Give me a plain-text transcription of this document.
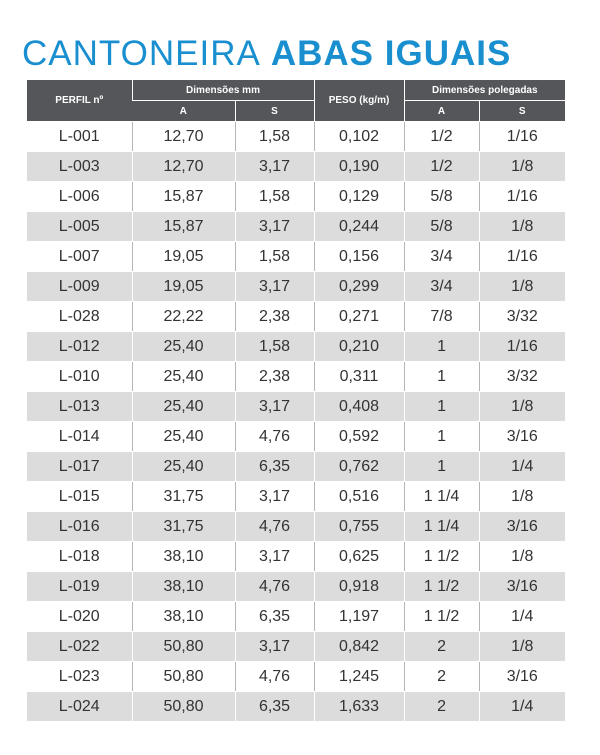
CANTONEIRA ABAS IGUAIS
PERFIL nº	Dimensões mm		PESO (kg/m)	Dimensões polegadas	
	A	S		A	S
L-001	12,70	1,58	0,102	1/2	1/16
L-003	12,70	3,17	0,190	1/2	1/8
L-006	15,87	1,58	0,129	5/8	1/16
L-005	15,87	3,17	0,244	5/8	1/8
L-007	19,05	1,58	0,156	3/4	1/16
L-009	19,05	3,17	0,299	3/4	1/8
L-028	22,22	2,38	0,271	7/8	3/32
L-012	25,40	1,58	0,210	1	1/16
L-010	25,40	2,38	0,311	1	3/32
L-013	25,40	3,17	0,408	1	1/8
L-014	25,40	4,76	0,592	1	3/16
L-017	25,40	6,35	0,762	1	1/4
L-015	31,75	3,17	0,516	1 1/4	1/8
L-016	31,75	4,76	0,755	1 1/4	3/16
L-018	38,10	3,17	0,625	1 1/2	1/8
L-019	38,10	4,76	0,918	1 1/2	3/16
L-020	38,10	6,35	1,197	1 1/2	1/4
L-022	50,80	3,17	0,842	2	1/8
L-023	50,80	4,76	1,245	2	3/16
L-024	50,80	6,35	1,633	2	1/4
